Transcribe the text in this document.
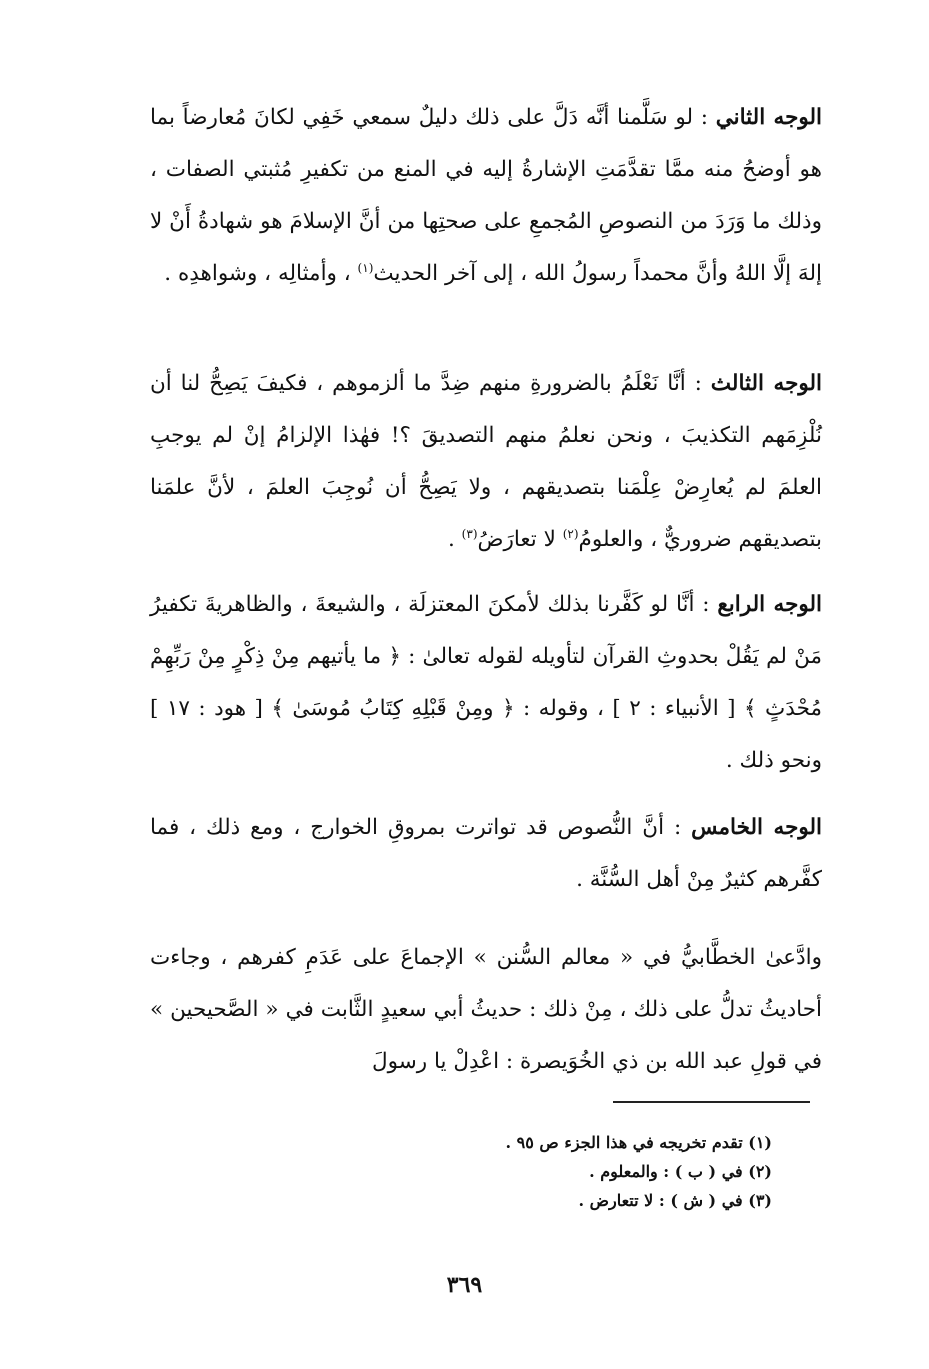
الوجه الثاني : لو سَلَّمنا أنَّه دَلَّ على ذلك دليلٌ سمعي خَفِي لكانَ مُعارضاً بما هو أوضحُ منه ممَّا تقدَّمَتِ الإشارةُ إليه في المنع من تكفيرِ مُثبتي الصفات ، وذلك ما وَرَدَ من النصوصِ المُجمعِ على صحتِها من أنَّ الإسلامَ هو شهادةُ أَنْ لا إلهَ إلَّا اللهُ وأنَّ محمداً رسولُ الله ، إلى آخر الحديث$^{(١)}$ ، وأمثالِه ، وشواهدِه .

الوجه الثالث : أنَّا نَعْلَمُ بالضرورةِ منهم ضِدَّ ما ألزموهم ، فكيفَ يَصِحُّ لنا أن نُلْزِمَهم التكذيبَ ، ونحن نعلمُ منهم التصديقَ ؟! فهٰذا الإلزامُ إنْ لم يوجبِ العلمَ لم يُعارِضْ عِلْمَنا بتصديقهم ، ولا يَصِحُّ أن نُوجِبَ العلمَ ، لأنَّ علمَنا بتصديقهم ضروريٌّ ، والعلومُ$^{(٢)}$ لا تعارَضُ$^{(٣)}$ .

الوجه الرابع : أنَّا لو كَفَّرنا بذلك لأمكنَ المعتزلَة ، والشيعةَ ، والظاهريةَ تكفيرُ مَنْ لم يَقُلْ بحدوثِ القرآن لتأويله لقوله تعالىٰ : ﴿ ما يأتيهم مِنْ ذِكْرٍ مِنْ رَبِّهِمْ مُحْدَثٍ ﴾ [ الأنبياء : ٢ ] ، وقوله : ﴿ ومِنْ قَبْلِهِ كِتَابُ مُوسَىٰ ﴾ [ هود : ١٧ ] ونحو ذلك .

الوجه الخامس : أنَّ النُّصوص قد تواترت بمروقِ الخوارج ، ومع ذلك ، فما كفَّرهم كثيرٌ مِنْ أهل السُّنَّة .

وادَّعىٰ الخطَّابيُّ في « معالم السُّنن » الإجماعَ على عَدَمِ كفرهم ، وجاءت أحاديثُ تدلُّ على ذلك ، مِنْ ذلك : حديثُ أبي سعيدٍ الثَّابت في « الصَّحيحين » في قولِ عبد الله بن ذي الخُوَيصرة : اعْدِلْ يا رسولَ

(١) تقدم تخريجه في هذا الجزء ص ٩٥ .

(٢) في ( ب ) : والمعلوم .

(٣) في ( ش ) : لا تتعارض .

٣٦٩
